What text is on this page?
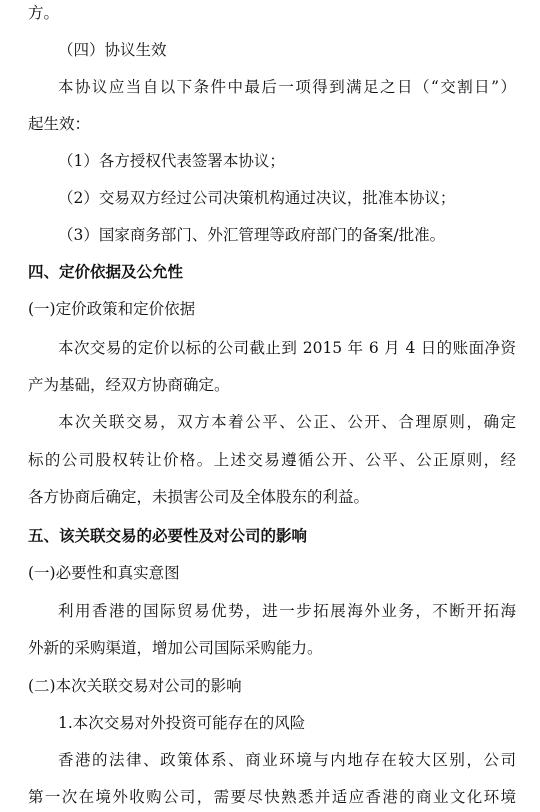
方。
（四）协议生效
本协议应当自以下条件中最后一项得到满足之日（“交割日”）
起生效：
（1）各方授权代表签署本协议；
（2）交易双方经过公司决策机构通过决议，批准本协议；
（3）国家商务部门、外汇管理等政府部门的备案/批准。
四、定价依据及公允性
(一)定价政策和定价依据
本次交易的定价以标的公司截止到 2015 年 6 月 4 日的账面净资
产为基础，经双方协商确定。
本次关联交易，双方本着公平、公正、公开、合理原则，确定
标的公司股权转让价格。上述交易遵循公开、公平、公正原则，经
各方协商后确定，未损害公司及全体股东的利益。
五、该关联交易的必要性及对公司的影响
(一)必要性和真实意图
利用香港的国际贸易优势，进一步拓展海外业务，不断开拓海
外新的采购渠道，增加公司国际采购能力。
(二)本次关联交易对公司的影响
1.本次交易对外投资可能存在的风险
香港的法律、政策体系、商业环境与内地存在较大区别，公司
第一次在境外收购公司，需要尽快熟悉并适应香港的商业文化环境
